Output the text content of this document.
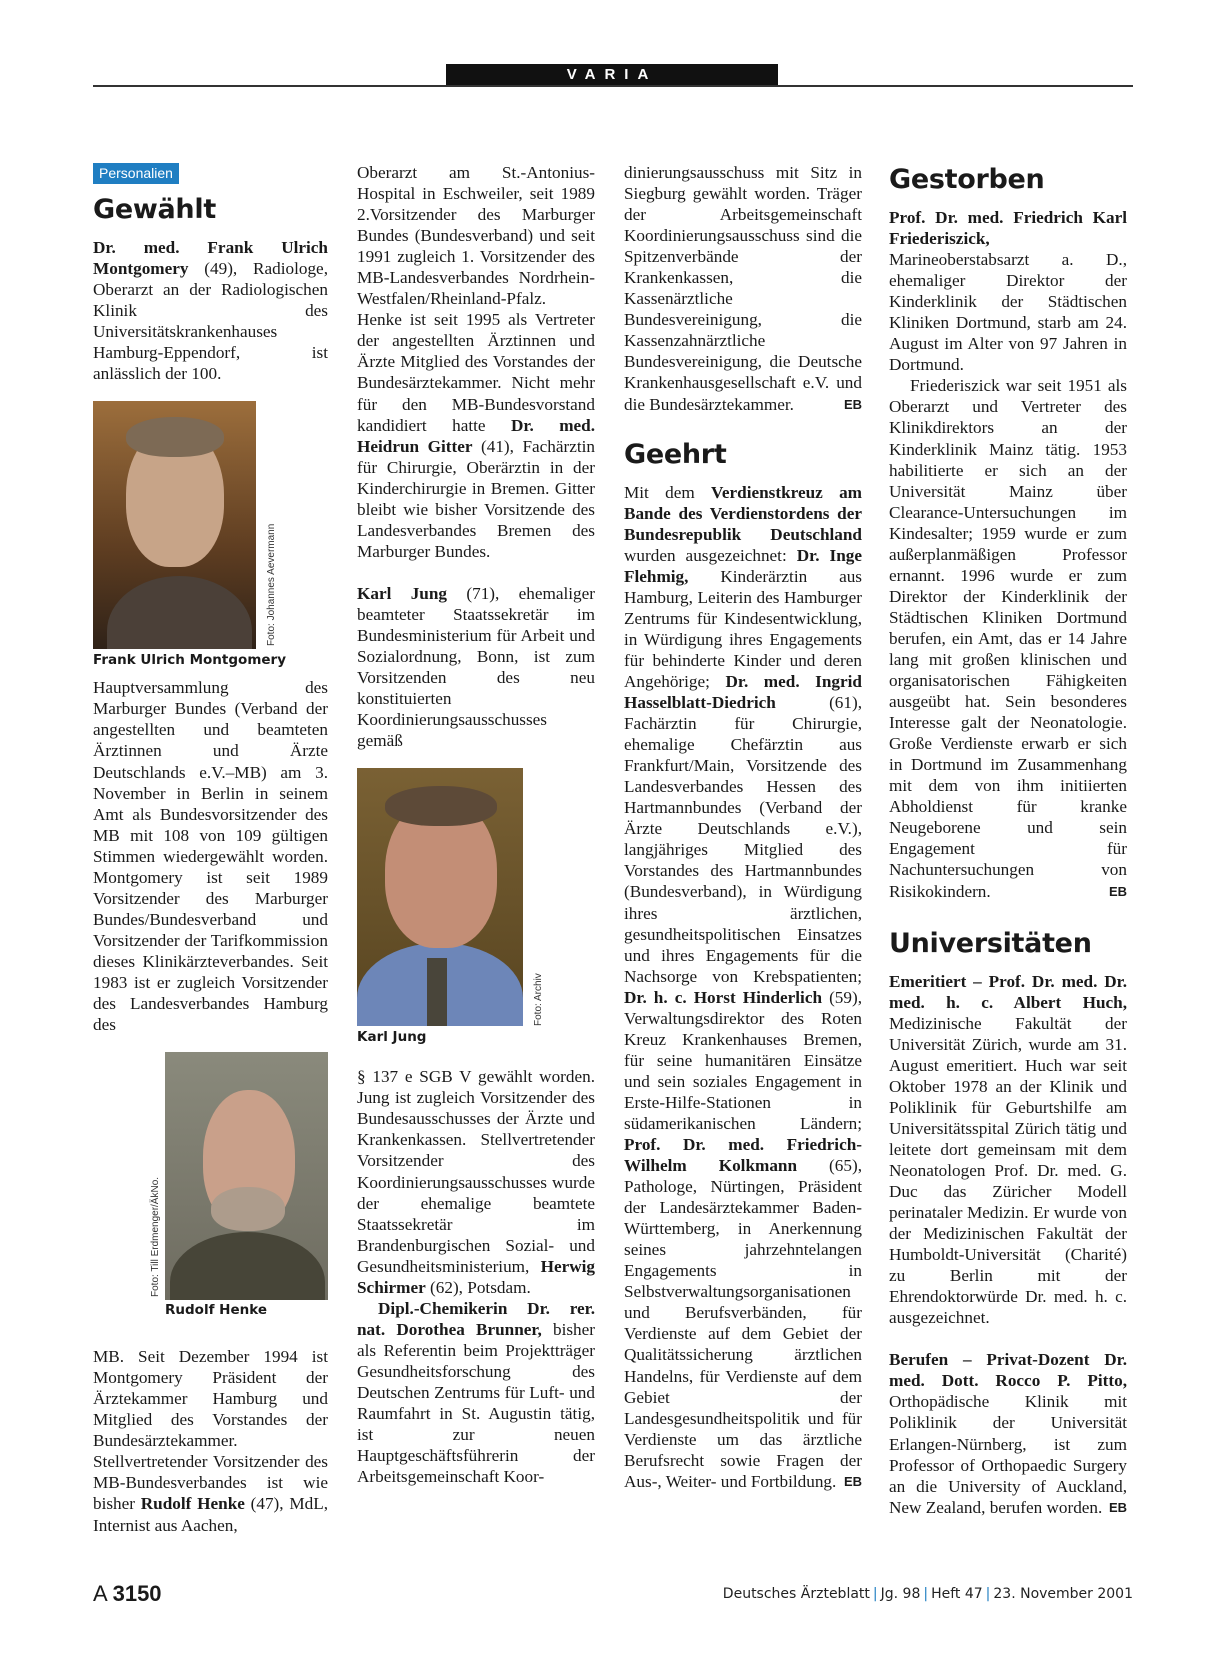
VARIA
Personalien
Gewählt

Dr. med. Frank Ulrich Montgomery (49), Radiologe, Oberarzt an der Radiologischen Klinik des Universitätskrankenhauses Hamburg-Eppendorf, ist anlässlich der 100.

Foto: Johannes Aevermann
Frank Ulrich Montgomery

Hauptversammlung des Marburger Bundes (Verband der angestellten und beamteten Ärztinnen und Ärzte Deutschlands e.V.–MB) am 3. November in Berlin in seinem Amt als Bundesvorsitzender des MB mit 108 von 109 gültigen Stimmen wiedergewählt worden. Montgomery ist seit 1989 Vorsitzender des Marburger Bundes/Bundesverband und Vorsitzender der Tarifkommission dieses Klinikärzteverbandes. Seit 1983 ist er zugleich Vorsitzender des Landesverbandes Hamburg des

Foto: Till Erdmenger/ÄkNo.
Rudolf Henke

MB. Seit Dezember 1994 ist Montgomery Präsident der Ärztekammer Hamburg und Mitglied des Vorstandes der Bundesärztekammer. Stellvertretender Vorsitzender des MB-Bundesverbandes ist wie bisher Rudolf Henke (47), MdL, Internist aus Aachen,

Oberarzt am St.-Antonius-Hospital in Eschweiler, seit 1989 2.Vorsitzender des Marburger Bundes (Bundesverband) und seit 1991 zugleich 1. Vorsitzender des MB-Landesverbandes Nordrhein-Westfalen/Rheinland-Pfalz. Henke ist seit 1995 als Vertreter der angestellten Ärztinnen und Ärzte Mitglied des Vorstandes der Bundesärztekammer. Nicht mehr für den MB-Bundesvorstand kandidiert hatte Dr. med. Heidrun Gitter (41), Fachärztin für Chirurgie, Oberärztin in der Kinderchirurgie in Bremen. Gitter bleibt wie bisher Vorsitzende des Landesverbandes Bremen des Marburger Bundes.

Karl Jung (71), ehemaliger beamteter Staatssekretär im Bundesministerium für Arbeit und Sozialordnung, Bonn, ist zum Vorsitzenden des neu konstituierten Koordinierungsausschusses gemäß

Foto: Archiv
Karl Jung

§ 137 e SGB V gewählt worden. Jung ist zugleich Vorsitzender des Bundesausschusses der Ärzte und Krankenkassen. Stellvertretender Vorsitzender des Koordinierungsausschusses wurde der ehemalige beamtete Staatssekretär im Brandenburgischen Sozial- und Gesundheitsministerium, Herwig Schirmer (62), Potsdam.

Dipl.-Chemikerin Dr. rer. nat. Dorothea Brunner, bisher als Referentin beim Projektträger Gesundheitsforschung des Deutschen Zentrums für Luft- und Raumfahrt in St. Augustin tätig, ist zur neuen Hauptgeschäftsführerin der Arbeitsgemeinschaft Koor-

dinierungsausschuss mit Sitz in Siegburg gewählt worden. Träger der Arbeitsgemeinschaft Koordinierungsausschuss sind die Spitzenverbände der Krankenkassen, die Kassenärztliche Bundesvereinigung, die Kassenzahnärztliche Bundesvereinigung, die Deutsche Krankenhausgesellschaft e.V. und die Bundesärztekammer.	EB

Geehrt

Mit dem Verdienstkreuz am Bande des Verdienstordens der Bundesrepublik Deutschland wurden ausgezeichnet: Dr. Inge Flehmig, Kinderärztin aus Hamburg, Leiterin des Hamburger Zentrums für Kindesentwicklung, in Würdigung ihres Engagements für behinderte Kinder und deren Angehörige; Dr. med. Ingrid Hasselblatt-Diedrich (61), Fachärztin für Chirurgie, ehemalige Chefärztin aus Frankfurt/Main, Vorsitzende des Landesverbandes Hessen des Hartmannbundes (Verband der Ärzte Deutschlands e.V.), langjähriges Mitglied des Vorstandes des Hartmannbundes (Bundesverband), in Würdigung ihres ärztlichen, gesundheitspolitischen Einsatzes und ihres Engagements für die Nachsorge von Krebspatienten; Dr. h. c. Horst Hinderlich (59), Verwaltungsdirektor des Roten Kreuz Krankenhauses Bremen, für seine humanitären Einsätze und sein soziales Engagement in Erste-Hilfe-Stationen in südamerikanischen Ländern; Prof. Dr. med. Friedrich-Wilhelm Kolkmann (65), Pathologe, Nürtingen, Präsident der Landesärztekammer Baden-Württemberg, in Anerkennung seines jahrzehntelangen Engagements in Selbstverwaltungsorganisationen und Berufsverbänden, für Verdienste auf dem Gebiet der Qualitätssicherung ärztlichen Handelns, für Verdienste auf dem Gebiet der Landesgesundheitspolitik und für Verdienste um das ärztliche Berufsrecht sowie Fragen der Aus-, Weiter- und Fortbildung. EB

Gestorben

Prof. Dr. med. Friedrich Karl Friederiszick, Marineoberstabsarzt a. D., ehemaliger Direktor der Kinderklinik der Städtischen Kliniken Dortmund, starb am 24. August im Alter von 97 Jahren in Dortmund.

Friederiszick war seit 1951 als Oberarzt und Vertreter des Klinikdirektors an der Kinderklinik Mainz tätig. 1953 habilitierte er sich an der Universität Mainz über Clearance-Untersuchungen im Kindesalter; 1959 wurde er zum außerplanmäßigen Professor ernannt. 1996 wurde er zum Direktor der Kinderklinik der Städtischen Kliniken Dortmund berufen, ein Amt, das er 14 Jahre lang mit großen klinischen und organisatorischen Fähigkeiten ausgeübt hat. Sein besonderes Interesse galt der Neonatologie. Große Verdienste erwarb er sich in Dortmund im Zusammenhang mit dem von ihm initiierten Abholdienst für kranke Neugeborene und sein Engagement für Nachuntersuchungen von Risikokindern.	EB

Universitäten

Emeritiert – Prof. Dr. med. Dr. med. h. c. Albert Huch, Medizinische Fakultät der Universität Zürich, wurde am 31. August emeritiert. Huch war seit Oktober 1978 an der Klinik und Poliklinik für Geburtshilfe am Universitätsspital Zürich tätig und leitete dort gemeinsam mit dem Neonatologen Prof. Dr. med. G. Duc das Züricher Modell perinataler Medizin. Er wurde von der Medizinischen Fakultät der Humboldt-Universität (Charité) zu Berlin mit der Ehrendoktorwürde Dr. med. h. c. ausgezeichnet.

Berufen – Privat-Dozent Dr. med. Dott. Rocco P. Pitto, Orthopädische Klinik mit Poliklinik der Universität Erlangen-Nürnberg, ist zum Professor of Orthopaedic Surgery an die University of Auckland, New Zealand, berufen worden. EB

A 3150	Deutsches Ärzteblatt | Jg. 98 | Heft 47 | 23. November 2001
